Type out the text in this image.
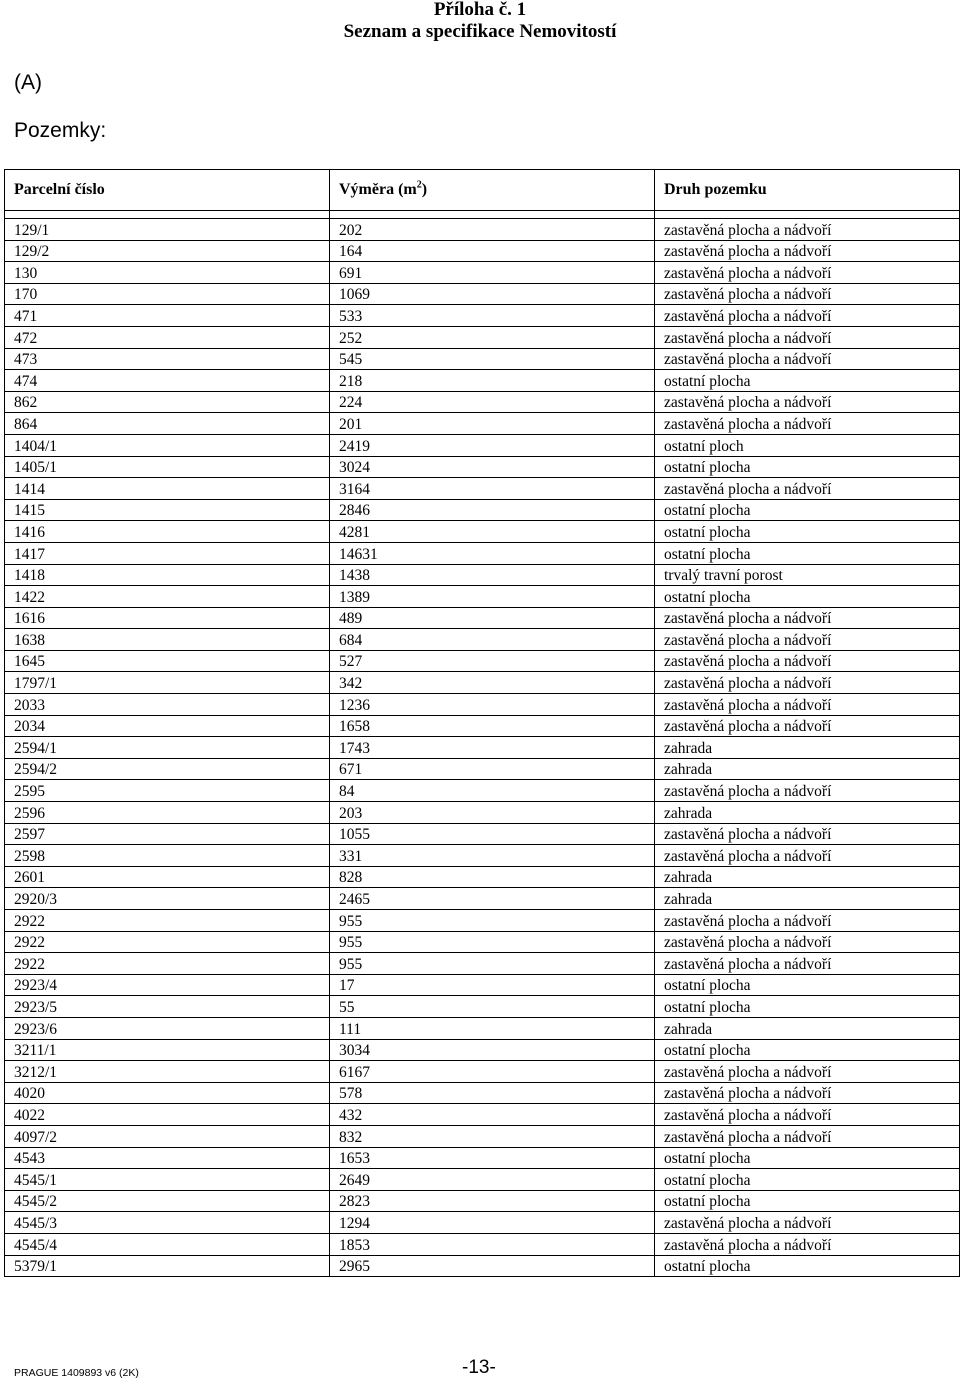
Příloha č. 1
Seznam a specifikace Nemovitostí
(A)
Pozemky:
Parcelní číslo	Výměra $(m^2)$	Druh pozemku

129/1	202	zastavěná plocha a nádvoří
129/2	164	zastavěná plocha a nádvoří
130	691	zastavěná plocha a nádvoří
170	1069	zastavěná plocha a nádvoří
471	533	zastavěná plocha a nádvoří
472	252	zastavěná plocha a nádvoří
473	545	zastavěná plocha a nádvoří
474	218	ostatní plocha
862	224	zastavěná plocha a nádvoří
864	201	zastavěná plocha a nádvoří
1404/1	2419	ostatní ploch
1405/1	3024	ostatní plocha
1414	3164	zastavěná plocha a nádvoří
1415	2846	ostatní plocha
1416	4281	ostatní plocha
1417	14631	ostatní plocha
1418	1438	trvalý travní porost
1422	1389	ostatní plocha
1616	489	zastavěná plocha a nádvoří
1638	684	zastavěná plocha a nádvoří
1645	527	zastavěná plocha a nádvoří
1797/1	342	zastavěná plocha a nádvoří
2033	1236	zastavěná plocha a nádvoří
2034	1658	zastavěná plocha a nádvoří
2594/1	1743	zahrada
2594/2	671	zahrada
2595	84	zastavěná plocha a nádvoří
2596	203	zahrada
2597	1055	zastavěná plocha a nádvoří
2598	331	zastavěná plocha a nádvoří
2601	828	zahrada
2920/3	2465	zahrada
2922	955	zastavěná plocha a nádvoří
2922	955	zastavěná plocha a nádvoří
2922	955	zastavěná plocha a nádvoří
2923/4	17	ostatní plocha
2923/5	55	ostatní plocha
2923/6	111	zahrada
3211/1	3034	ostatní plocha
3212/1	6167	zastavěná plocha a nádvoří
4020	578	zastavěná plocha a nádvoří
4022	432	zastavěná plocha a nádvoří
4097/2	832	zastavěná plocha a nádvoří
4543	1653	ostatní plocha
4545/1	2649	ostatní plocha
4545/2	2823	ostatní plocha
4545/3	1294	zastavěná plocha a nádvoří
4545/4	1853	zastavěná plocha a nádvoří
5379/1	2965	ostatní plocha
PRAGUE 1409893 v6 (2K)	-13-
